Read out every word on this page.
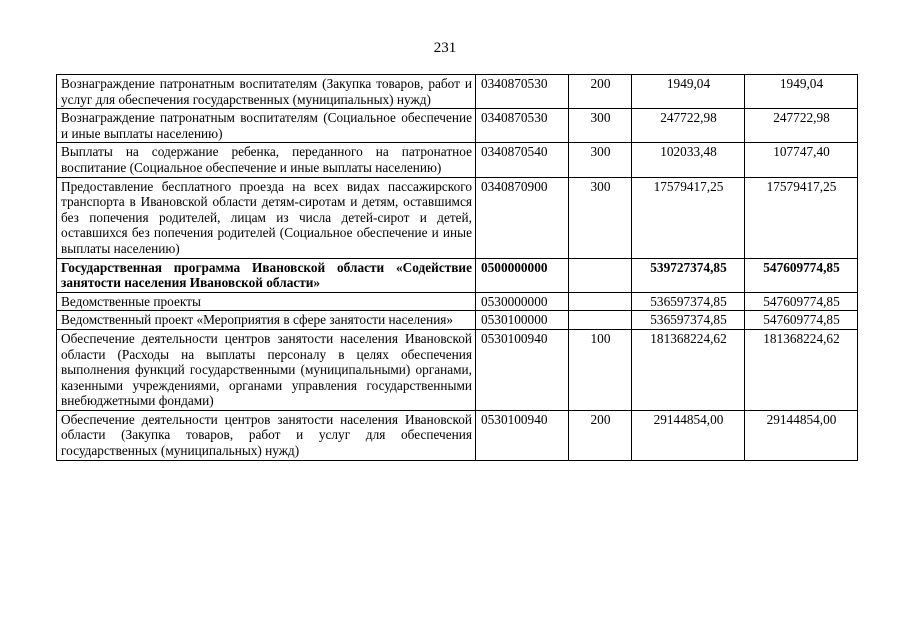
231
Вознаграждение патронатным воспитателям (Закупка товаров, работ и услуг для обеспечения государственных (муниципальных) нужд)	0340870530	200	1949,04	1949,04
Вознаграждение патронатным воспитателям (Социальное обеспечение и иные выплаты населению)	0340870530	300	247722,98	247722,98
Выплаты на содержание ребенка, переданного на патронатное воспитание (Социальное обеспечение и иные выплаты населению)	0340870540	300	102033,48	107747,40
Предоставление бесплатного проезда на всех видах пассажирского транспорта в Ивановской области детям-сиротам и детям, оставшимся без попечения родителей, лицам из числа детей-сирот и детей, оставшихся без попечения родителей (Социальное обеспечение и иные выплаты населению)	0340870900	300	17579417,25	17579417,25
Государственная программа Ивановской области «Содействие занятости населения Ивановской области»	0500000000		539727374,85	547609774,85
Ведомственные проекты	0530000000		536597374,85	547609774,85
Ведомственный проект «Мероприятия в сфере занятости населения»	0530100000		536597374,85	547609774,85
Обеспечение деятельности центров занятости населения Ивановской области (Расходы на выплаты персоналу в целях обеспечения выполнения функций государственными (муниципальными) органами, казенными учреждениями, органами управления государственными внебюджетными фондами)	0530100940	100	181368224,62	181368224,62
Обеспечение деятельности центров занятости населения Ивановской области (Закупка товаров, работ и услуг для обеспечения государственных (муниципальных) нужд)	0530100940	200	29144854,00	29144854,00
